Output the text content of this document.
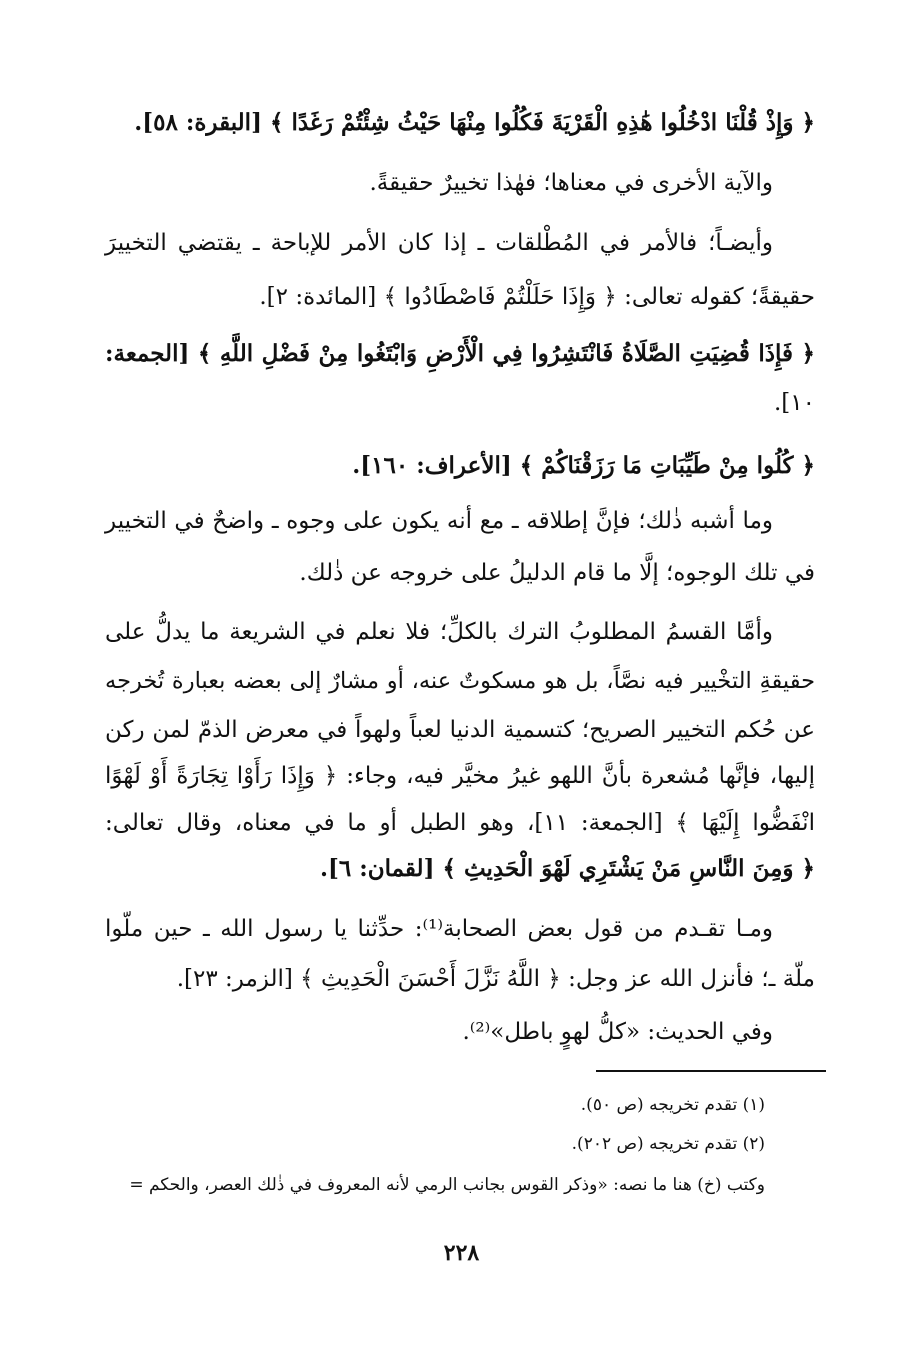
﴿ وَإِذْ قُلْنَا ادْخُلُوا هَٰذِهِ الْقَرْيَةَ فَكُلُوا مِنْهَا حَيْثُ شِئْتُمْ رَغَدًا ﴾ [البقرة: ٥٨].
والآية الأخرى في معناها؛ فهٰذا تخييرٌ حقيقةً.
وأيضـاً؛ فالأمر في المُطْلقات ـ إذا كان الأمر للإباحة ـ يقتضي التخييرَ
حقيقةً؛ كقوله تعالى: ﴿ وَإِذَا حَلَلْتُمْ فَاصْطَادُوا ﴾ [المائدة: ٢].
﴿ فَإِذَا قُضِيَتِ الصَّلَاةُ فَانْتَشِرُوا فِي الْأَرْضِ وَابْتَغُوا مِنْ فَضْلِ اللَّهِ ﴾ [الجمعة:
١٠].
﴿ كُلُوا مِنْ طَيِّبَاتِ مَا رَزَقْنَاكُمْ ﴾ [الأعراف: ١٦٠].
وما أشبه ذٰلك؛ فإنَّ إطلاقه ـ مع أنه يكون على وجوه ـ واضحٌ في التخيير
في تلك الوجوه؛ إلَّا ما قام الدليلُ على خروجه عن ذٰلك.
وأمَّا القسمُ المطلوبُ الترك بالكلِّ؛ فلا نعلم في الشريعة ما يدلُّ على
حقيقةِ التخْيير فيه نصَّاً، بل هو مسكوتٌ عنه، أو مشارٌ إلى بعضه بعبارة تُخرجه
عن حُكم التخيير الصريح؛ كتسمية الدنيا لعباً ولهواً في معرض الذمّ لمن ركن
إليها، فإنَّها مُشعرة بأنَّ اللهو غيرُ مخيَّر فيه، وجاء: ﴿ وَإِذَا رَأَوْا تِجَارَةً أَوْ لَهْوًا
انْفَضُّوا إِلَيْهَا ﴾ [الجمعة: ١١]، وهو الطبل أو ما في معناه، وقال تعالى:
﴿ وَمِنَ النَّاسِ مَنْ يَشْتَرِي لَهْوَ الْحَدِيثِ ﴾ [لقمان: ٦].
ومـا تقـدم من قول بعض الصحابة⁽¹⁾: حدِّثنا يا رسول الله ـ حين ملّوا
ملّة ـ؛ فأنزل الله عز وجل: ﴿ اللَّهُ نَزَّلَ أَحْسَنَ الْحَدِيثِ ﴾ [الزمر: ٢٣].
وفي الحديث: «كلُّ لهوٍ باطل»⁽²⁾.
(١) تقدم تخريجه (ص ٥٠).
(٢) تقدم تخريجه (ص ٢٠٢).
وكتب (خ) هنا ما نصه: «وذكر القوس بجانب الرمي لأنه المعروف في ذٰلك العصر، والحكم =
٢٢٨
